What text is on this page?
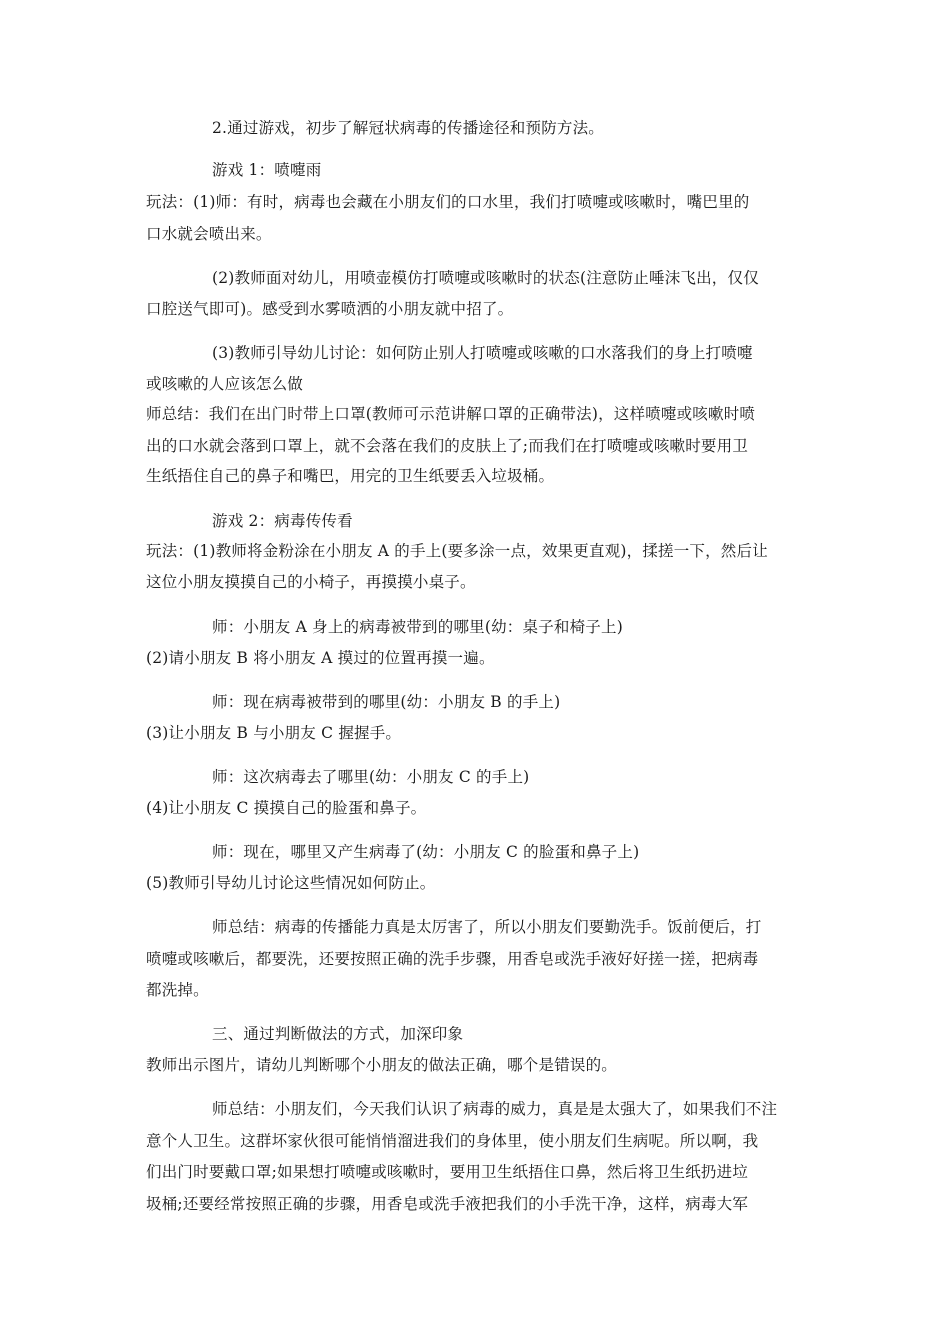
2.通过游戏，初步了解冠状病毒的传播途径和预防方法。
游戏 1：喷嚏雨
玩法：(1)师：有时，病毒也会藏在小朋友们的口水里，我们打喷嚏或咳嗽时，嘴巴里的
口水就会喷出来。
(2)教师面对幼儿，用喷壶模仿打喷嚏或咳嗽时的状态(注意防止唾沫飞出，仅仅
口腔送气即可)。感受到水雾喷洒的小朋友就中招了。
(3)教师引导幼儿讨论：如何防止别人打喷嚏或咳嗽的口水落我们的身上打喷嚏
或咳嗽的人应该怎么做
师总结：我们在出门时带上口罩(教师可示范讲解口罩的正确带法)，这样喷嚏或咳嗽时喷
出的口水就会落到口罩上，就不会落在我们的皮肤上了;而我们在打喷嚏或咳嗽时要用卫
生纸捂住自己的鼻子和嘴巴，用完的卫生纸要丢入垃圾桶。
游戏 2：病毒传传看
玩法：(1)教师将金粉涂在小朋友 A 的手上(要多涂一点，效果更直观)，揉搓一下，然后让
这位小朋友摸摸自己的小椅子，再摸摸小桌子。
师：小朋友 A 身上的病毒被带到的哪里(幼：桌子和椅子上)
(2)请小朋友 B 将小朋友 A 摸过的位置再摸一遍。
师：现在病毒被带到的哪里(幼：小朋友 B 的手上)
(3)让小朋友 B 与小朋友 C 握握手。
师：这次病毒去了哪里(幼：小朋友 C 的手上)
(4)让小朋友 C 摸摸自己的脸蛋和鼻子。
师：现在，哪里又产生病毒了(幼：小朋友 C 的脸蛋和鼻子上)
(5)教师引导幼儿讨论这些情况如何防止。
师总结：病毒的传播能力真是太厉害了，所以小朋友们要勤洗手。饭前便后，打
喷嚏或咳嗽后，都要洗，还要按照正确的洗手步骤，用香皂或洗手液好好搓一搓，把病毒
都洗掉。
三、通过判断做法的方式，加深印象
教师出示图片，请幼儿判断哪个小朋友的做法正确，哪个是错误的。
师总结：小朋友们，今天我们认识了病毒的威力，真是是太强大了，如果我们不注
意个人卫生。这群坏家伙很可能悄悄溜进我们的身体里，使小朋友们生病呢。所以啊，我
们出门时要戴口罩;如果想打喷嚏或咳嗽时，要用卫生纸捂住口鼻，然后将卫生纸扔进垃
圾桶;还要经常按照正确的步骤，用香皂或洗手液把我们的小手洗干净，这样，病毒大军
